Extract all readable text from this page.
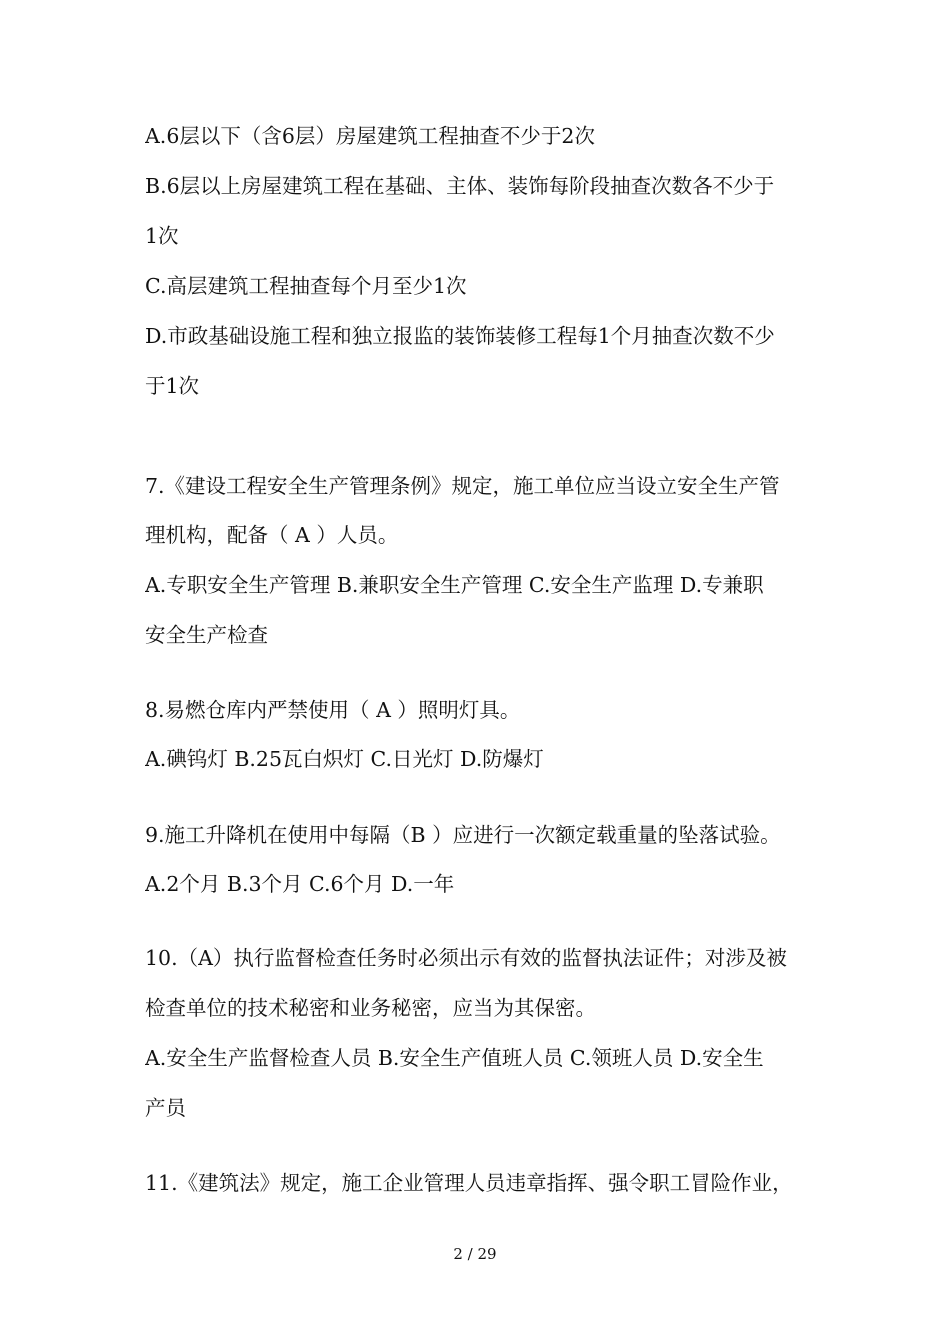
A.6层以下（含6层）房屋建筑工程抽查不少于2次
B.6层以上房屋建筑工程在基础、主体、装饰每阶段抽查次数各不少于
1次
C.高层建筑工程抽查每个月至少1次
D.市政基础设施工程和独立报监的装饰装修工程每1个月抽查次数不少
于1次
7.《建设工程安全生产管理条例》规定，施工单位应当设立安全生产管
理机构，配备（ A ）人员。
A.专职安全生产管理 B.兼职安全生产管理 C.安全生产监理 D.专兼职
安全生产检查
8.易燃仓库内严禁使用（ A ）照明灯具。
A.碘钨灯 B.25瓦白炽灯 C.日光灯 D.防爆灯
9.施工升降机在使用中每隔（B ）应进行一次额定载重量的坠落试验。
A.2个月 B.3个月 C.6个月 D.一年
10.（A）执行监督检查任务时必须出示有效的监督执法证件；对涉及被
检查单位的技术秘密和业务秘密，应当为其保密。
A.安全生产监督检查人员 B.安全生产值班人员 C.领班人员 D.安全生
产员
11.《建筑法》规定，施工企业管理人员违章指挥、强令职工冒险作业，
2 / 29
